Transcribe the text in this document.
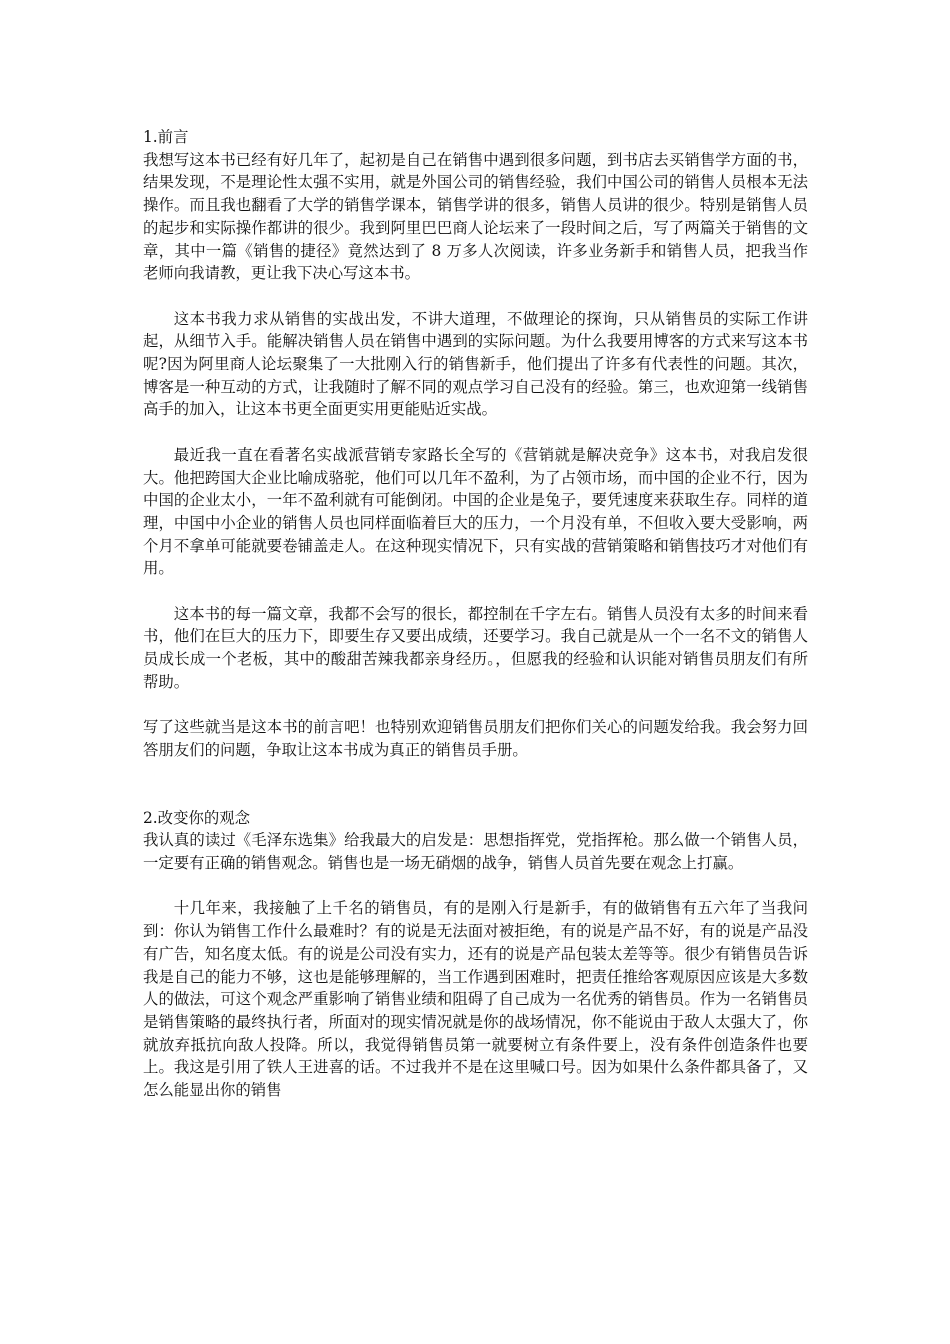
1.前言

我想写这本书已经有好几年了，起初是自己在销售中遇到很多问题，到书店去买销售学方面的书，结果发现，不是理论性太强不实用，就是外国公司的销售经验，我们中国公司的销售人员根本无法操作。而且我也翻看了大学的销售学课本，销售学讲的很多，销售人员讲的很少。特别是销售人员的起步和实际操作都讲的很少。我到阿里巴巴商人论坛来了一段时间之后，写了两篇关于销售的文章，其中一篇《销售的捷径》竟然达到了 8 万多人次阅读，许多业务新手和销售人员，把我当作老师向我请教，更让我下决心写这本书。

这本书我力求从销售的实战出发，不讲大道理，不做理论的探询，只从销售员的实际工作讲起，从细节入手。能解决销售人员在销售中遇到的实际问题。为什么我要用博客的方式来写这本书呢?因为阿里商人论坛聚集了一大批刚入行的销售新手，他们提出了许多有代表性的问题。其次，博客是一种互动的方式，让我随时了解不同的观点学习自己没有的经验。第三，也欢迎第一线销售高手的加入，让这本书更全面更实用更能贴近实战。

最近我一直在看著名实战派营销专家路长全写的《营销就是解决竞争》这本书，对我启发很大。他把跨国大企业比喻成骆驼，他们可以几年不盈利，为了占领市场，而中国的企业不行，因为中国的企业太小，一年不盈利就有可能倒闭。中国的企业是兔子，要凭速度来获取生存。同样的道理，中国中小企业的销售人员也同样面临着巨大的压力，一个月没有单，不但收入要大受影响，两个月不拿单可能就要卷铺盖走人。在这种现实情况下，只有实战的营销策略和销售技巧才对他们有用。

这本书的每一篇文章，我都不会写的很长，都控制在千字左右。销售人员没有太多的时间来看书，他们在巨大的压力下，即要生存又要出成绩，还要学习。我自己就是从一个一名不文的销售人员成长成一个老板，其中的酸甜苦辣我都亲身经历。，但愿我的经验和认识能对销售员朋友们有所帮助。

写了这些就当是这本书的前言吧！也特别欢迎销售员朋友们把你们关心的问题发给我。我会努力回答朋友们的问题，争取让这本书成为真正的销售员手册。

2.改变你的观念

我认真的读过《毛泽东选集》给我最大的启发是：思想指挥党，党指挥枪。那么做一个销售人员，一定要有正确的销售观念。销售也是一场无硝烟的战争，销售人员首先要在观念上打赢。

十几年来，我接触了上千名的销售员，有的是刚入行是新手，有的做销售有五六年了当我问到：你认为销售工作什么最难时？有的说是无法面对被拒绝，有的说是产品不好，有的说是产品没有广告，知名度太低。有的说是公司没有实力，还有的说是产品包装太差等等。很少有销售员告诉我是自己的能力不够，这也是能够理解的，当工作遇到困难时，把责任推给客观原因应该是大多数人的做法，可这个观念严重影响了销售业绩和阻碍了自己成为一名优秀的销售员。作为一名销售员是销售策略的最终执行者，所面对的现实情况就是你的战场情况，你不能说由于敌人太强大了，你就放弃抵抗向敌人投降。所以，我觉得销售员第一就要树立有条件要上，没有条件创造条件也要上。我这是引用了铁人王进喜的话。不过我并不是在这里喊口号。因为如果什么条件都具备了，又怎么能显出你的销售
